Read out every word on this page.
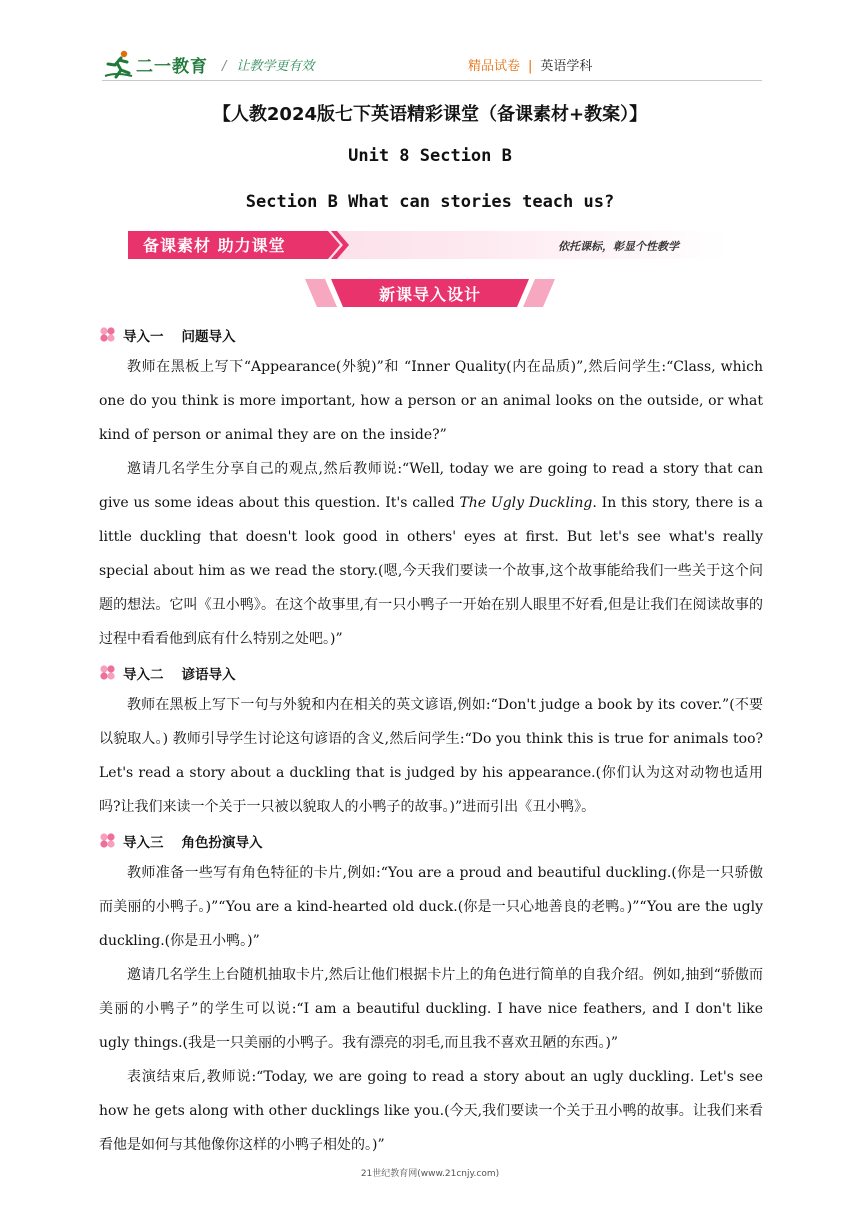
二一教育 / 让教学更有效	精品试卷 | 英语学科
【人教2024版七下英语精彩课堂（备课素材+教案）】
Unit 8 Section B
Section B What can stories teach us?
备课素材 助力课堂	依托课标，彰显个性教学
新课导入设计
导入一 问题导入

教师在黑板上写下“Appearance(外貌)”和 “Inner Quality(内在品质)”,然后问学生:“Class, which one do you think is more important, how a person or an animal looks on the outside, or what kind of person or animal they are on the inside?”

邀请几名学生分享自己的观点,然后教师说:“Well, today we are going to read a story that can give us some ideas about this question. It's called The Ugly Duckling. In this story, there is a little duckling that doesn't look good in others' eyes at first. But let's see what's really special about him as we read the story.(嗯,今天我们要读一个故事,这个故事能给我们一些关于这个问题的想法。它叫《丑小鸭》。在这个故事里,有一只小鸭子一开始在别人眼里不好看,但是让我们在阅读故事的过程中看看他到底有什么特别之处吧。)”

导入二 谚语导入

教师在黑板上写下一句与外貌和内在相关的英文谚语,例如:“Don't judge a book by its cover.”(不要以貌取人。) 教师引导学生讨论这句谚语的含义,然后问学生:“Do you think this is true for animals too? Let's read a story about a duckling that is judged by his appearance.(你们认为这对动物也适用吗?让我们来读一个关于一只被以貌取人的小鸭子的故事。)”进而引出《丑小鸭》。

导入三 角色扮演导入

教师准备一些写有角色特征的卡片,例如:“You are a proud and beautiful duckling.(你是一只骄傲而美丽的小鸭子。)”“You are a kind-hearted old duck.(你是一只心地善良的老鸭。)”“You are the ugly duckling.(你是丑小鸭。)”

邀请几名学生上台随机抽取卡片,然后让他们根据卡片上的角色进行简单的自我介绍。例如,抽到“骄傲而美丽的小鸭子”的学生可以说:“I am a beautiful duckling. I have nice feathers, and I don't like ugly things.(我是一只美丽的小鸭子。我有漂亮的羽毛,而且我不喜欢丑陋的东西。)”

表演结束后,教师说:“Today, we are going to read a story about an ugly duckling. Let's see how he gets along with other ducklings like you.(今天,我们要读一个关于丑小鸭的故事。让我们来看看他是如何与其他像你这样的小鸭子相处的。)”

21世纪教育网(www.21cnjy.com)
